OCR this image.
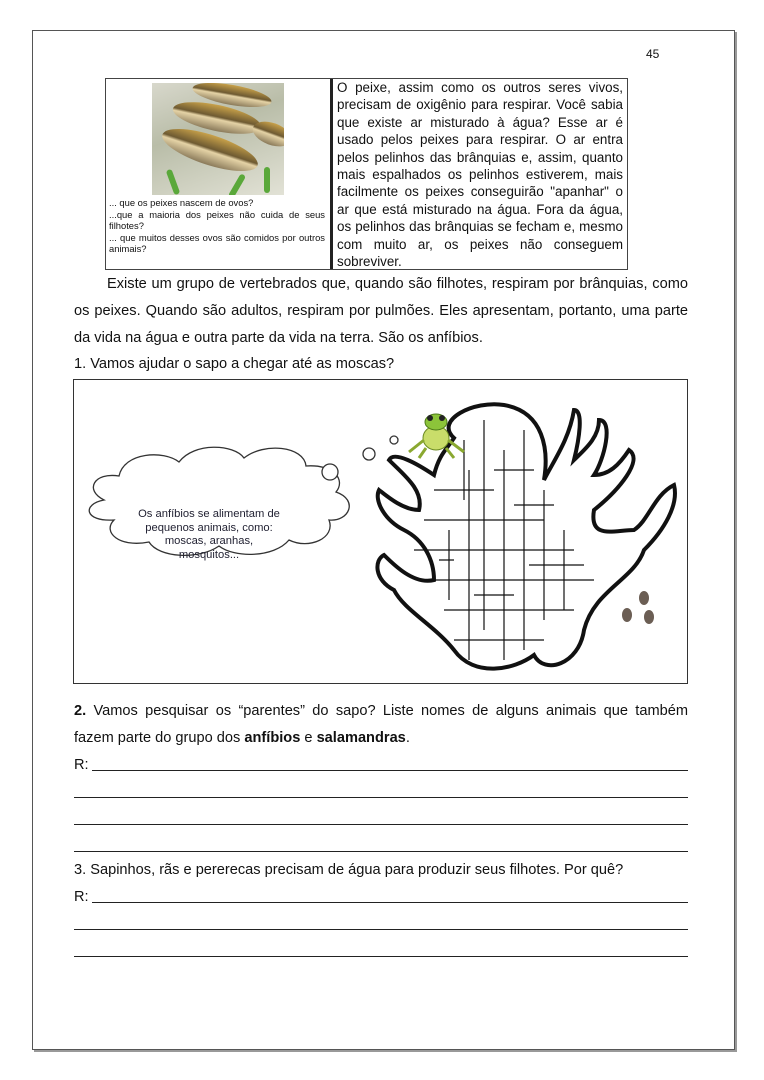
45
... que os peixes nascem de ovos?
...que a maioria dos peixes não cuida de seus filhotes?
... que muitos desses ovos são comidos por outros animais?
O peixe, assim como os outros seres vivos, precisam de oxigênio para respirar. Você sabia que existe ar misturado à água? Esse ar é usado pelos peixes para respirar. O ar entra pelos pelinhos das brânquias e, assim, quanto mais espalhados os pelinhos estiverem, mais facilmente os peixes conseguirão "apanhar" o ar que está misturado na água. Fora da água, os pelinhos das brânquias se fecham e, mesmo com muito ar, os peixes não conseguem sobreviver.
Existe um grupo de vertebrados que, quando são filhotes, respiram por brânquias, como os peixes. Quando são adultos, respiram por pulmões. Eles apresentam, portanto, uma parte da vida na água e outra parte da vida na terra. São os anfíbios.
1. Vamos ajudar o sapo a chegar até as moscas?
Os anfíbios se alimentam de pequenos animais, como: moscas, aranhas, mosquitos...
2. Vamos pesquisar os “parentes” do sapo? Liste nomes de alguns animais que também fazem parte do grupo dos anfíbios e salamandras.
R:
3. Sapinhos, rãs e pererecas precisam de água para produzir seus filhotes. Por quê?
R:
